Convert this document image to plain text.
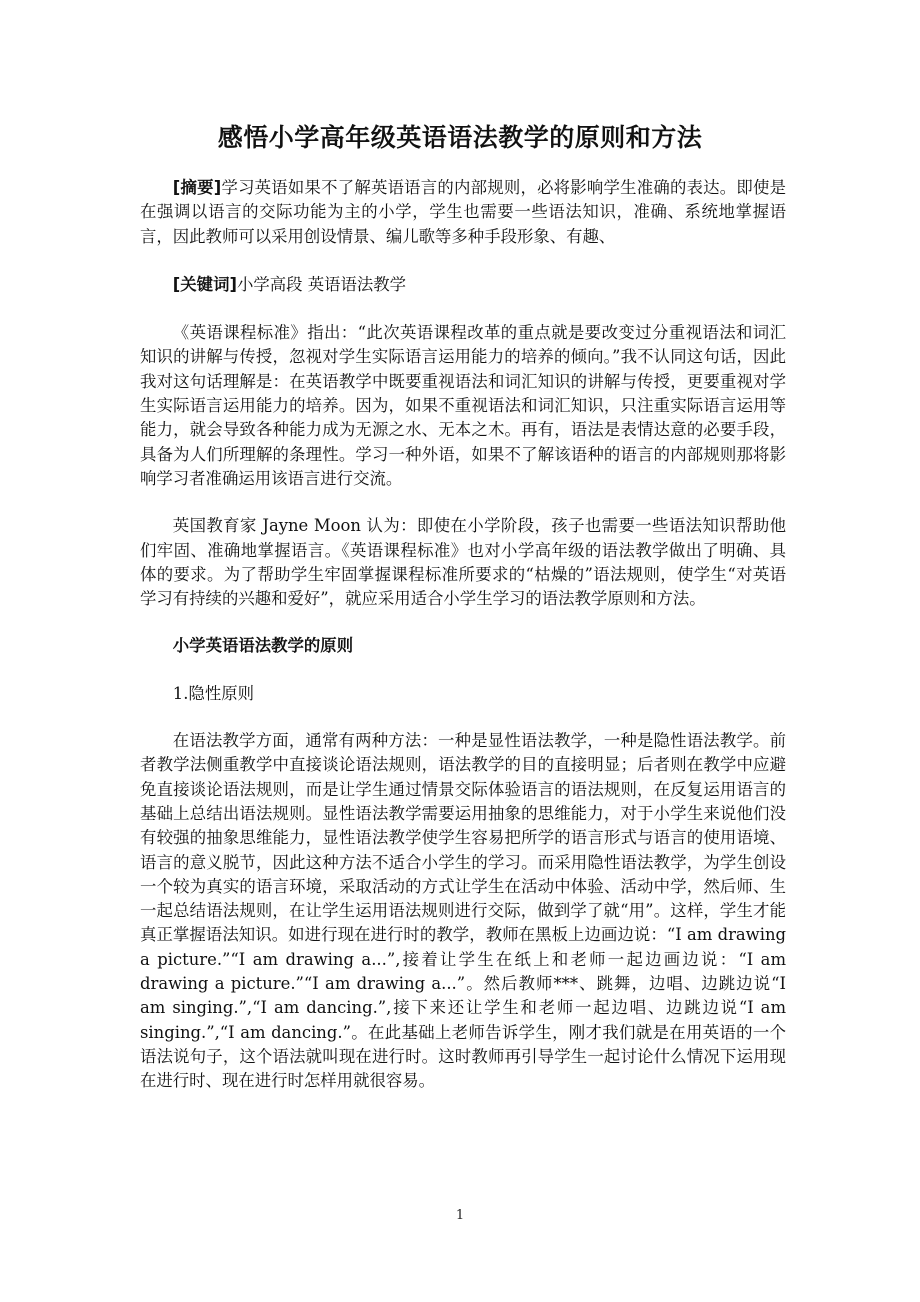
感悟小学高年级英语语法教学的原则和方法

[摘要]学习英语如果不了解英语语言的内部规则，必将影响学生准确的表达。即使是在强调以语言的交际功能为主的小学，学生也需要一些语法知识，准确、系统地掌握语言，因此教师可以采用创设情景、编儿歌等多种手段形象、有趣、

[关键词]小学高段 英语语法教学

《英语课程标准》指出：“此次英语课程改革的重点就是要改变过分重视语法和词汇知识的讲解与传授，忽视对学生实际语言运用能力的培养的倾向。”我不认同这句话，因此我对这句话理解是：在英语教学中既要重视语法和词汇知识的讲解与传授，更要重视对学生实际语言运用能力的培养。因为，如果不重视语法和词汇知识，只注重实际语言运用等能力，就会导致各种能力成为无源之水、无本之木。再有，语法是表情达意的必要手段，具备为人们所理解的条理性。学习一种外语，如果不了解该语种的语言的内部规则那将影响学习者准确运用该语言进行交流。

英国教育家 Jayne Moon 认为：即使在小学阶段，孩子也需要一些语法知识帮助他们牢固、准确地掌握语言。《英语课程标准》也对小学高年级的语法教学做出了明确、具体的要求。为了帮助学生牢固掌握课程标准所要求的“枯燥的”语法规则，使学生“对英语学习有持续的兴趣和爱好”，就应采用适合小学生学习的语法教学原则和方法。

小学英语语法教学的原则

1.隐性原则

在语法教学方面，通常有两种方法：一种是显性语法教学，一种是隐性语法教学。前者教学法侧重教学中直接谈论语法规则，语法教学的目的直接明显；后者则在教学中应避免直接谈论语法规则，而是让学生通过情景交际体验语言的语法规则，在反复运用语言的基础上总结出语法规则。显性语法教学需要运用抽象的思维能力，对于小学生来说他们没有较强的抽象思维能力，显性语法教学使学生容易把所学的语言形式与语言的使用语境、语言的意义脱节，因此这种方法不适合小学生的学习。而采用隐性语法教学，为学生创设一个较为真实的语言环境，采取活动的方式让学生在活动中体验、活动中学，然后师、生一起总结语法规则，在让学生运用语法规则进行交际，做到学了就“用”。这样，学生才能真正掌握语法知识。如进行现在进行时的教学，教师在黑板上边画边说：“I am drawing a picture.”“I am drawing a...”,接着让学生在纸上和老师一起边画边说：“I am drawing a picture.”“I am drawing a...”。然后教师***、跳舞，边唱、边跳边说“I am singing.”,“I am dancing.”,接下来还让学生和老师一起边唱、边跳边说“I am singing.”,“I am dancing.”。在此基础上老师告诉学生，刚才我们就是在用英语的一个语法说句子，这个语法就叫现在进行时。这时教师再引导学生一起讨论什么情况下运用现在进行时、现在进行时怎样用就很容易。

1
